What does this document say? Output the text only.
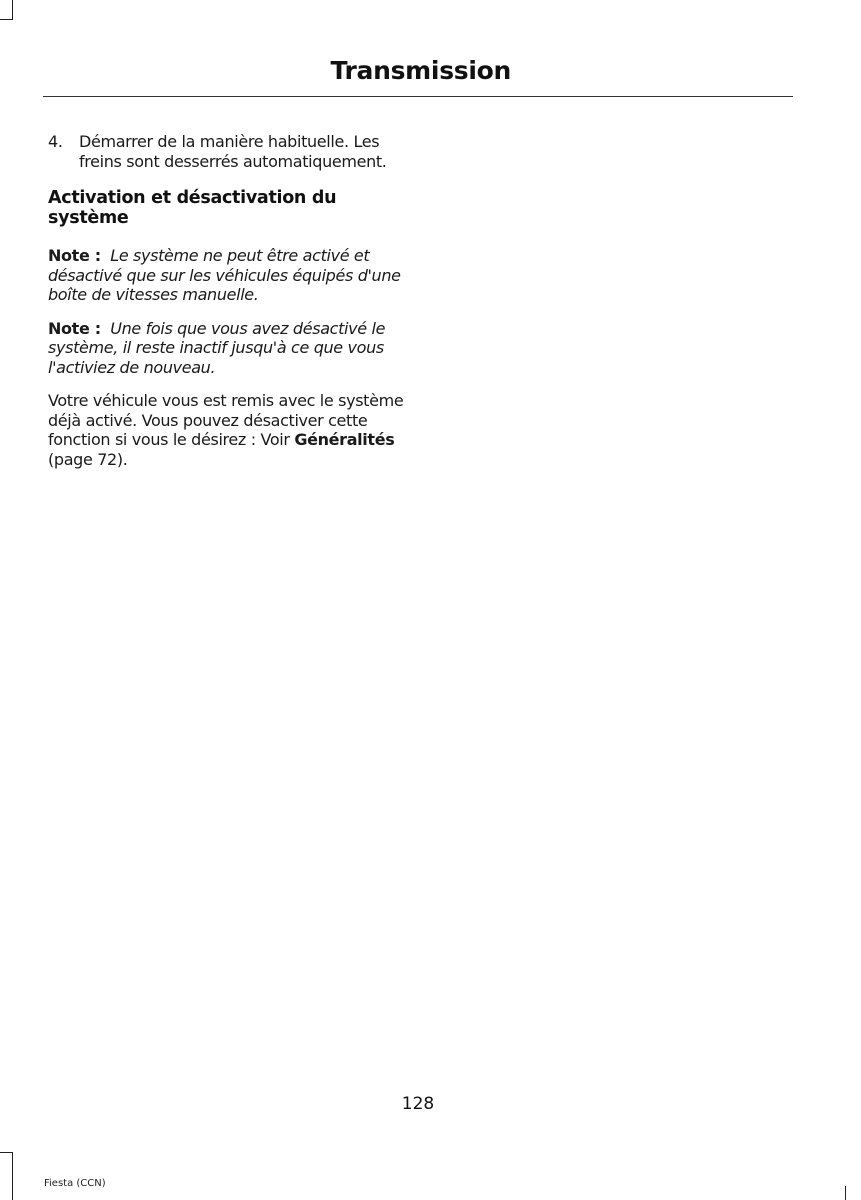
Transmission
4.	Démarrer de la manière habituelle. Les freins sont desserrés automatiquement.
Activation et désactivation du système

Note : Le système ne peut être activé et désactivé que sur les véhicules équipés d'une boîte de vitesses manuelle.

Note : Une fois que vous avez désactivé le système, il reste inactif jusqu'à ce que vous l'activiez de nouveau.

Votre véhicule vous est remis avec le système déjà activé. Vous pouvez désactiver cette fonction si vous le désirez : Voir Généralités (page 72).

128
Fiesta (CCN)
